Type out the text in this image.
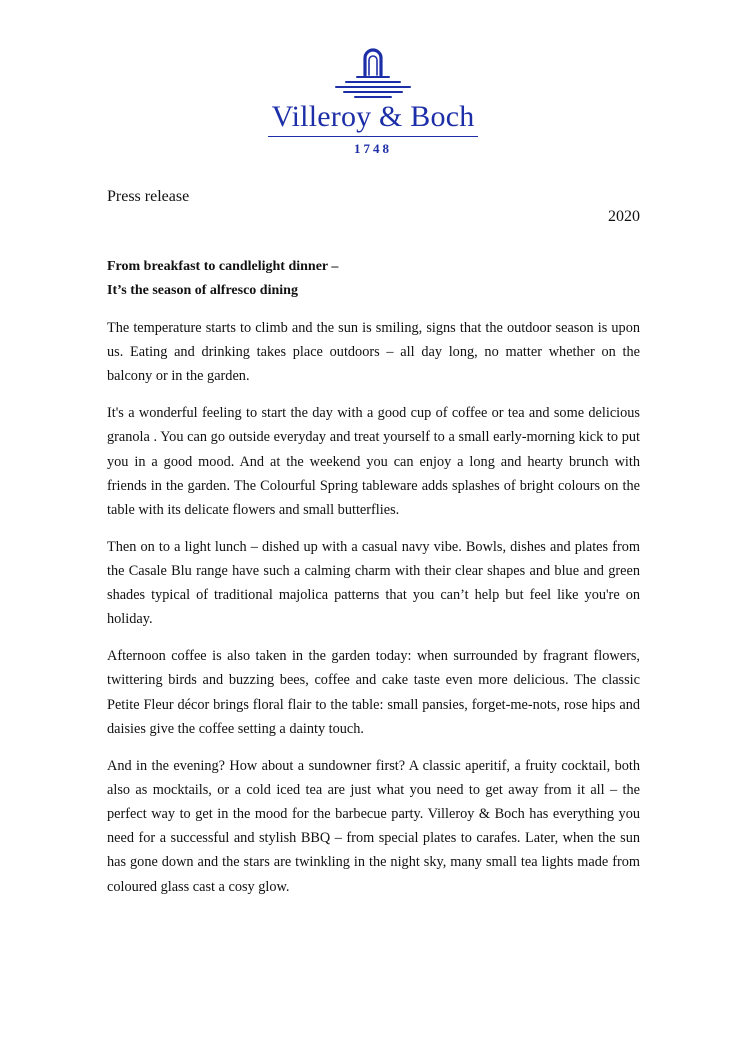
Villeroy & Boch
1748
Press release
2020
From breakfast to candlelight dinner –
It’s the season of alfresco dining

The temperature starts to climb and the sun is smiling, signs that the outdoor season is upon us. Eating and drinking takes place outdoors – all day long, no matter whether on the balcony or in the garden.

It's a wonderful feeling to start the day with a good cup of coffee or tea and some delicious granola . You can go outside everyday and treat yourself to a small early-morning kick to put you in a good mood. And at the weekend you can enjoy a long and hearty brunch with friends in the garden. The Colourful Spring tableware adds splashes of bright colours on the table with its delicate flowers and small butterflies.

Then on to a light lunch – dished up with a casual navy vibe. Bowls, dishes and plates from the Casale Blu range have such a calming charm with their clear shapes and blue and green shades typical of traditional majolica patterns that you can’t help but feel like you're on holiday.

Afternoon coffee is also taken in the garden today: when surrounded by fragrant flowers, twittering birds and buzzing bees, coffee and cake taste even more delicious. The classic Petite Fleur décor brings floral flair to the table: small pansies, forget-me-nots, rose hips and daisies give the coffee setting a dainty touch.

And in the evening? How about a sundowner first? A classic aperitif, a fruity cocktail, both also as mocktails, or a cold iced tea are just what you need to get away from it all – the perfect way to get in the mood for the barbecue party. Villeroy & Boch has everything you need for a successful and stylish BBQ – from special plates to carafes. Later, when the sun has gone down and the stars are twinkling in the night sky, many small tea lights made from coloured glass cast a cosy glow.
